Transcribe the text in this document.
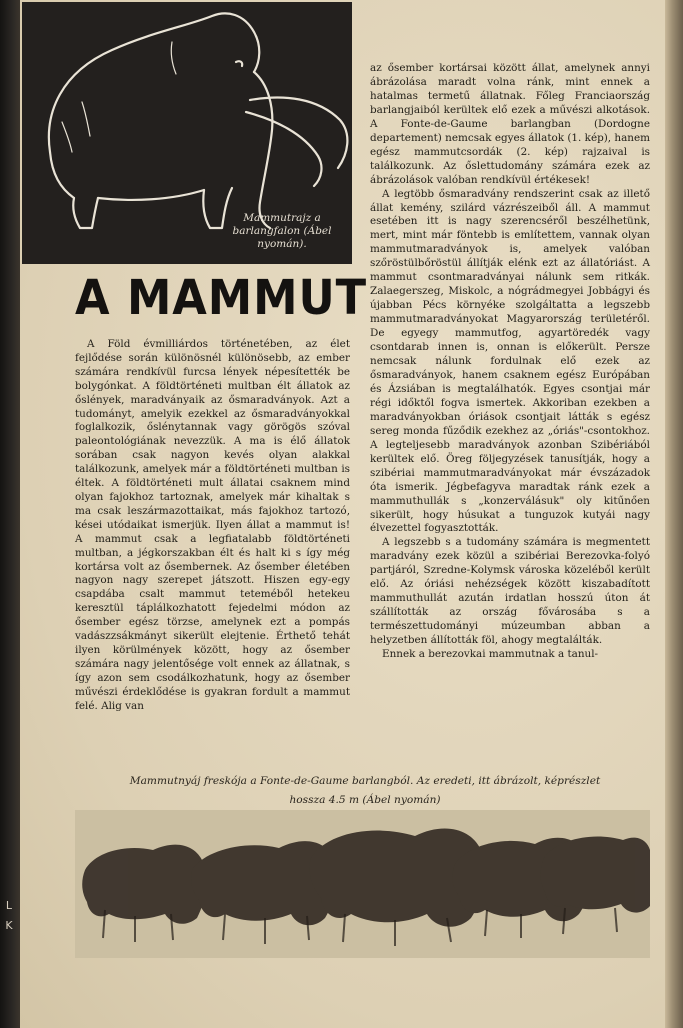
L
K
Mammutrajz a barlangfalon (Ábel nyomán).
A MAMMUT

A Föld évmilliárdos történetében, az élet fejlődése során különösnél különösebb, az ember számára rendkívül furcsa lények népesítették be bolygónkat. A földtörténeti multban élt állatok az őslények, maradványaik az ősmaradványok. Azt a tudományt, amelyik ezekkel az ősmaradványokkal foglalkozik, őslénytannak vagy görögös szóval paleontológiának nevezzük. A ma is élő állatok sorában csak nagyon kevés olyan alakkal találkozunk, amelyek már a földtörténeti multban is éltek. A földtörténeti mult állatai csaknem mind olyan fajokhoz tartoznak, amelyek már kihaltak s ma csak leszármazottaikat, más fajokhoz tartozó, kései utódaikat ismerjük. Ilyen állat a mammut is! A mammut csak a legfiatalabb földtörténeti multban, a jégkorszakban élt és halt ki s így még kortársa volt az ősembernek. Az ősember életében nagyon nagy szerepet játszott. Hiszen egy-egy csapdába csalt mammut teteméből hetekeu keresztül táplálkozhatott fejedelmi módon az ősember egész törzse, amelynek ezt a pompás vadászzsákmányt sikerült elejtenie. Érthető tehát ilyen körülmények között, hogy az ősember számára nagy jelentősége volt ennek az állatnak, s így azon sem csodálkozhatunk, hogy az ősember művészi érdeklődése is gyakran fordult a mammut felé. Alig van

az ősember kortársai között állat, amelynek annyi ábrázolása maradt volna ránk, mint ennek a hatalmas termetű állatnak. Főleg Franciaország barlangjaiból kerültek elő ezek a művészi alkotások. A Fonte-de-Gaume barlangban (Dordogne departement) nemcsak egyes állatok (1. kép), hanem egész mammutcsordák (2. kép) rajzaival is találkozunk. Az őslettudomány számára ezek az ábrázolások valóban rendkívül értékesek!

A legtöbb ősmaradvány rendszerint csak az illető állat kemény, szilárd vázrészeiből áll. A mammut esetében itt is nagy szerencséről beszélhetünk, mert, mint már föntebb is említettem, vannak olyan mammutmaradványok is, amelyek valóban szőröstülbőröstül állítják elénk ezt az állatóriást. A mammut csontmaradványai nálunk sem ritkák. Zalaegerszeg, Miskolc, a nógrádmegyei Jobbágyi és újabban Pécs környéke szolgáltatta a legszebb mammutmaradványokat Magyarország területéről. De egyegy mammutfog, agyartöredék vagy csontdarab innen is, onnan is előkerült. Persze nemcsak nálunk fordulnak elő ezek az ősmaradványok, hanem csaknem egész Európában és Ázsiában is megtalálhatók. Egyes csontjai már régi időktől fogva ismertek. Akkoriban ezekben a maradványokban óriások csontjait látták s egész sereg monda fűződik ezekhez az „óriás"-csontokhoz. A legteljesebb maradványok azonban Szibériából kerültek elő. Öreg följegyzések tanusítják, hogy a szibériai mammutmaradványokat már évszázadok óta ismerik. Jégbefagyva maradtak ránk ezek a mammuthullák s „konzerválásuk" oly kitűnően sikerült, hogy húsukat a tunguzok kutyái nagy élvezettel fogyasztották.

A legszebb s a tudomány számára is megmentett maradvány ezek közül a szibériai Berezovka-folyó partjáról, Szredne-Kolymsk városka közeléből került elő. Az óriási nehézségek között kiszabadított mammuthullát azután irdatlan hosszú úton át szállították az ország fővárosába s a természettudományi múzeumban abban a helyzetben állították föl, ahogy megtalálták.

Ennek a berezovkai mammutnak a tanul-

Mammutnyáj freskója a Fonte-de-Gaume barlangból. Az eredeti, itt ábrázolt, képrészlet
hossza 4.5 m (Ábel nyomán)
